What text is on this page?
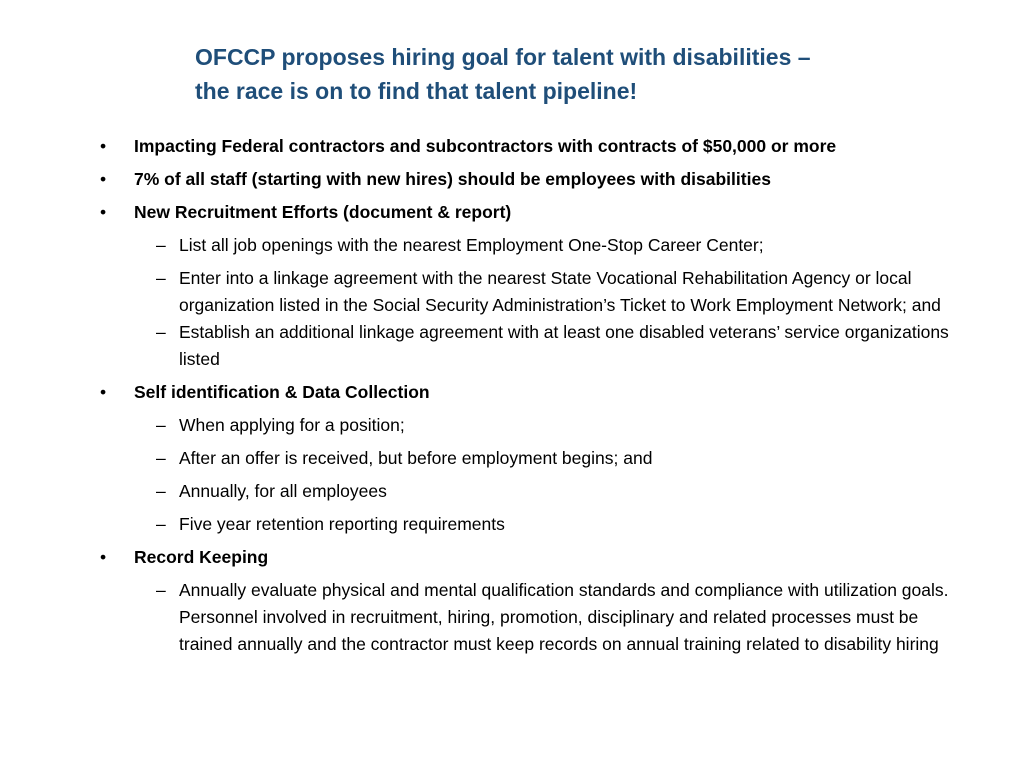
OFCCP proposes hiring goal for talent with disabilities –
the race is on to find that talent pipeline!
• Impacting Federal contractors and subcontractors with contracts of $50,000 or more
• 7% of all staff (starting with new hires) should be employees with disabilities
• New Recruitment Efforts (document & report)
– List all job openings with the nearest Employment One-Stop Career Center;
– Enter into a linkage agreement with the nearest State Vocational Rehabilitation Agency or local organization listed in the Social Security Administration’s Ticket to Work Employment Network; and
– Establish an additional linkage agreement with at least one disabled veterans’ service organizations listed
• Self identification & Data Collection
– When applying for a position;
– After an offer is received, but before employment begins; and
– Annually, for all employees
– Five year retention reporting requirements
• Record Keeping
– Annually evaluate physical and mental qualification standards and compliance with utilization goals. Personnel involved in recruitment, hiring, promotion, disciplinary and related processes must be trained annually and the contractor must keep records on annual training related to disability hiring
